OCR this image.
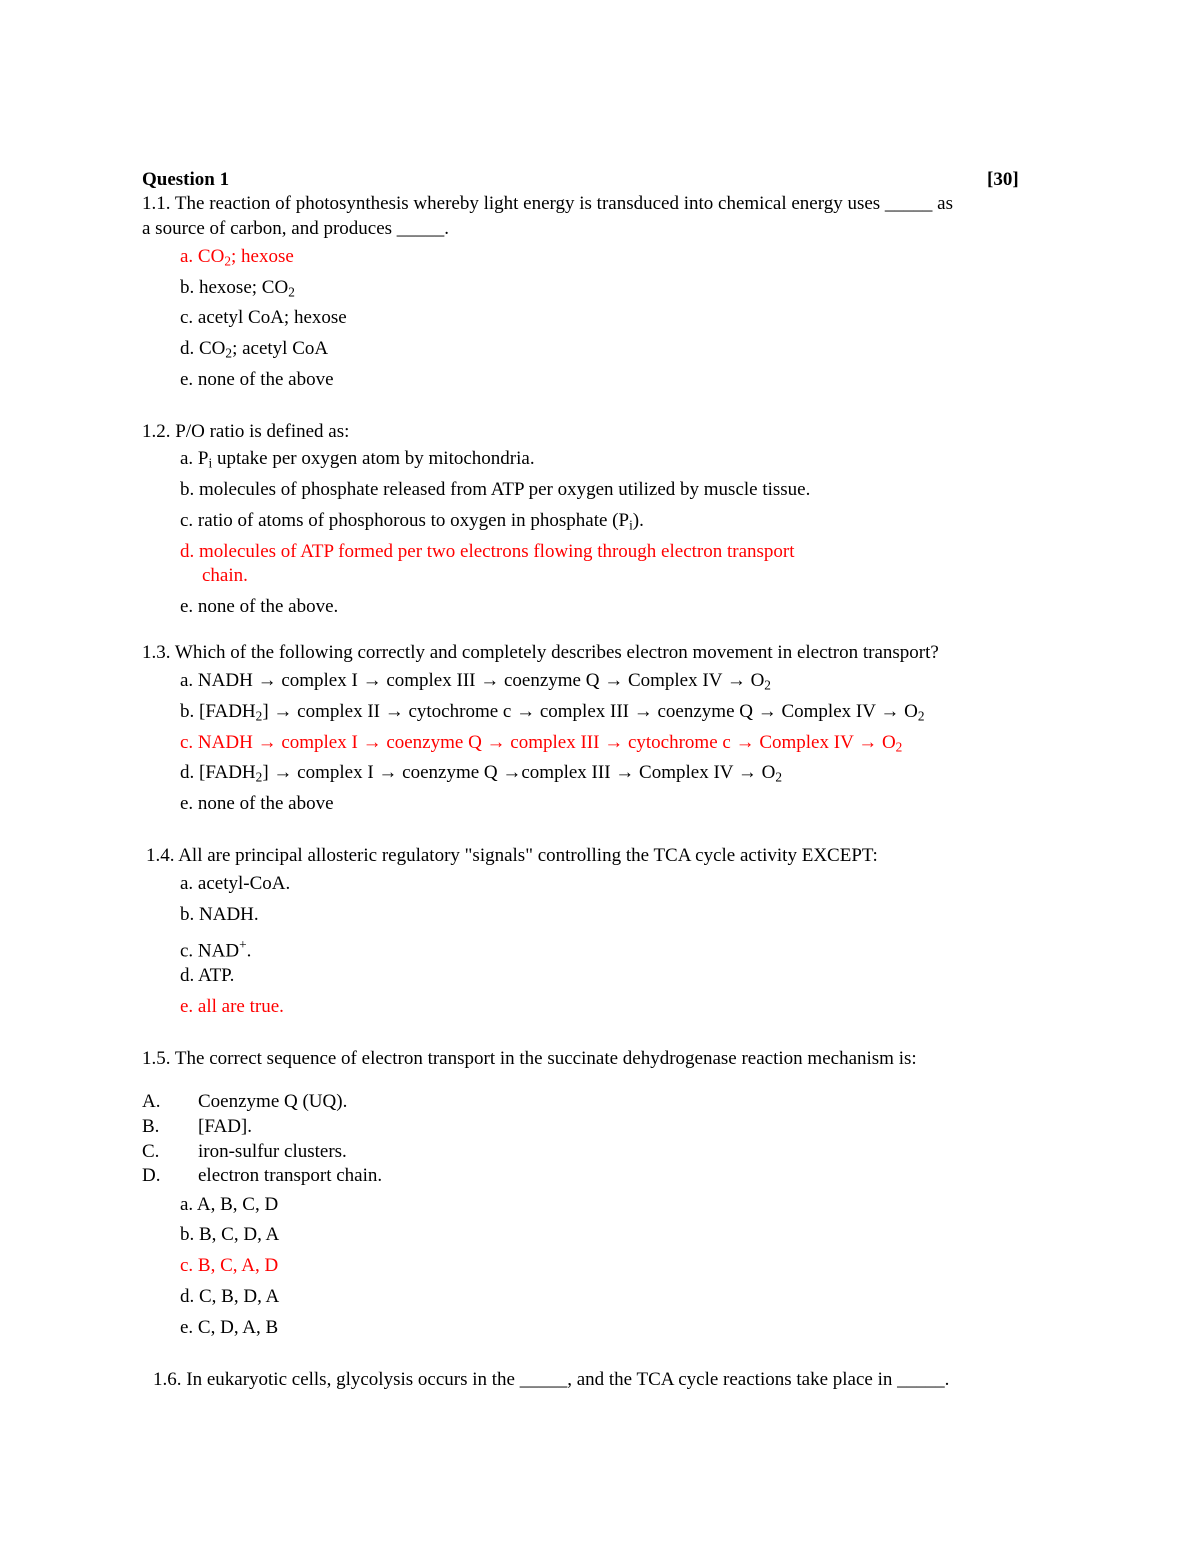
Question 1	[30]
1.1. The reaction of photosynthesis whereby light energy is transduced into chemical energy uses _____ as
a source of carbon, and produces _____.
a. $CO_2$; hexose
b. hexose; $CO_2$
c. acetyl CoA; hexose
d. $CO_2$; acetyl CoA
e. none of the above
1.2. P/O ratio is defined as:
a. $P_i$ uptake per oxygen atom by mitochondria.
b. molecules of phosphate released from ATP per oxygen utilized by muscle tissue.
c. ratio of atoms of phosphorous to oxygen in phosphate $(P_i)$.
d. molecules of ATP formed per two electrons flowing through electron transport
chain.
e. none of the above.
1.3. Which of the following correctly and completely describes electron movement in electron transport?
a. NADH → complex I → complex III → coenzyme Q → Complex IV → $O_2$
b. $[FADH_2]$ → complex II → cytochrome c → complex III → coenzyme Q → Complex IV → $O_2$
c. NADH → complex I → coenzyme Q → complex III → cytochrome c → Complex IV → $O_2$
d. $[FADH_2]$ → complex I → coenzyme Q →complex III → Complex IV → $O_2$
e. none of the above
1.4. All are principal allosteric regulatory "signals" controlling the TCA cycle activity EXCEPT:
a. acetyl-CoA.
b. NADH.
c. NAD+.
d. ATP.
e. all are true.
1.5. The correct sequence of electron transport in the succinate dehydrogenase reaction mechanism is:
A. Coenzyme Q (UQ).
B. [FAD].
C. iron-sulfur clusters.
D. electron transport chain.
a. A, B, C, D
b. B, C, D, A
c. B, C, A, D
d. C, B, D, A
e. C, D, A, B
1.6. In eukaryotic cells, glycolysis occurs in the _____, and the TCA cycle reactions take place in _____.
